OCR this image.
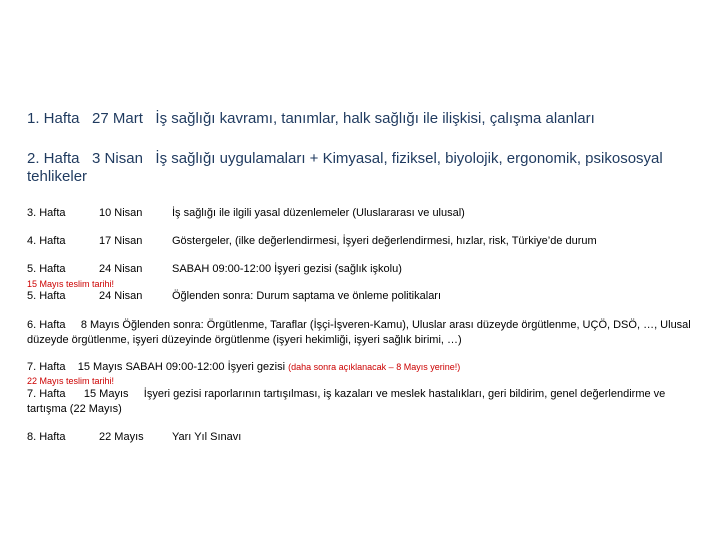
1. Hafta 27 Mart İş sağlığı kavramı, tanımlar, halk sağlığı ile ilişkisi, çalışma alanları
2. Hafta 3 Nisan İş sağlığı uygulamaları + Kimyasal, fiziksel, biyolojik, ergonomik, psikososyal tehlikeler
3. Hafta	10 Nisan	İş sağlığı ile ilgili yasal düzenlemeler (Uluslararası ve ulusal)
4. Hafta	17 Nisan	Göstergeler, (ilke değerlendirmesi, İşyeri değerlendirmesi, hızlar, risk, Türkiye’de durum
5. Hafta	24 Nisan	SABAH 09:00-12:00 İşyeri gezisi (sağlık işkolu)
15 Mayıs teslim tarihi!
5. Hafta	24 Nisan	Öğlenden sonra: Durum saptama ve önleme politikaları
6. Hafta 8 Mayıs Öğlenden sonra: Örgütlenme, Taraflar (İşçi-İşveren-Kamu), Uluslar arası düzeyde örgütlenme, UÇÖ, DSÖ, …, Ulusal düzeyde örgütlenme, işyeri düzeyinde örgütlenme (işyeri hekimliği, işyeri sağlık birimi, …)
7. Hafta 15 Mayıs SABAH 09:00-12:00 İşyeri gezisi (daha sonra açıklanacak – 8 Mayıs yerine!)
22 Mayıs teslim tarihi!
7. Hafta 15 Mayıs İşyeri gezisi raporlarının tartışılması, iş kazaları ve meslek hastalıkları, geri bildirim, genel değerlendirme ve tartışma (22 Mayıs)
8. Hafta	22 Mayıs	Yarı Yıl Sınavı
